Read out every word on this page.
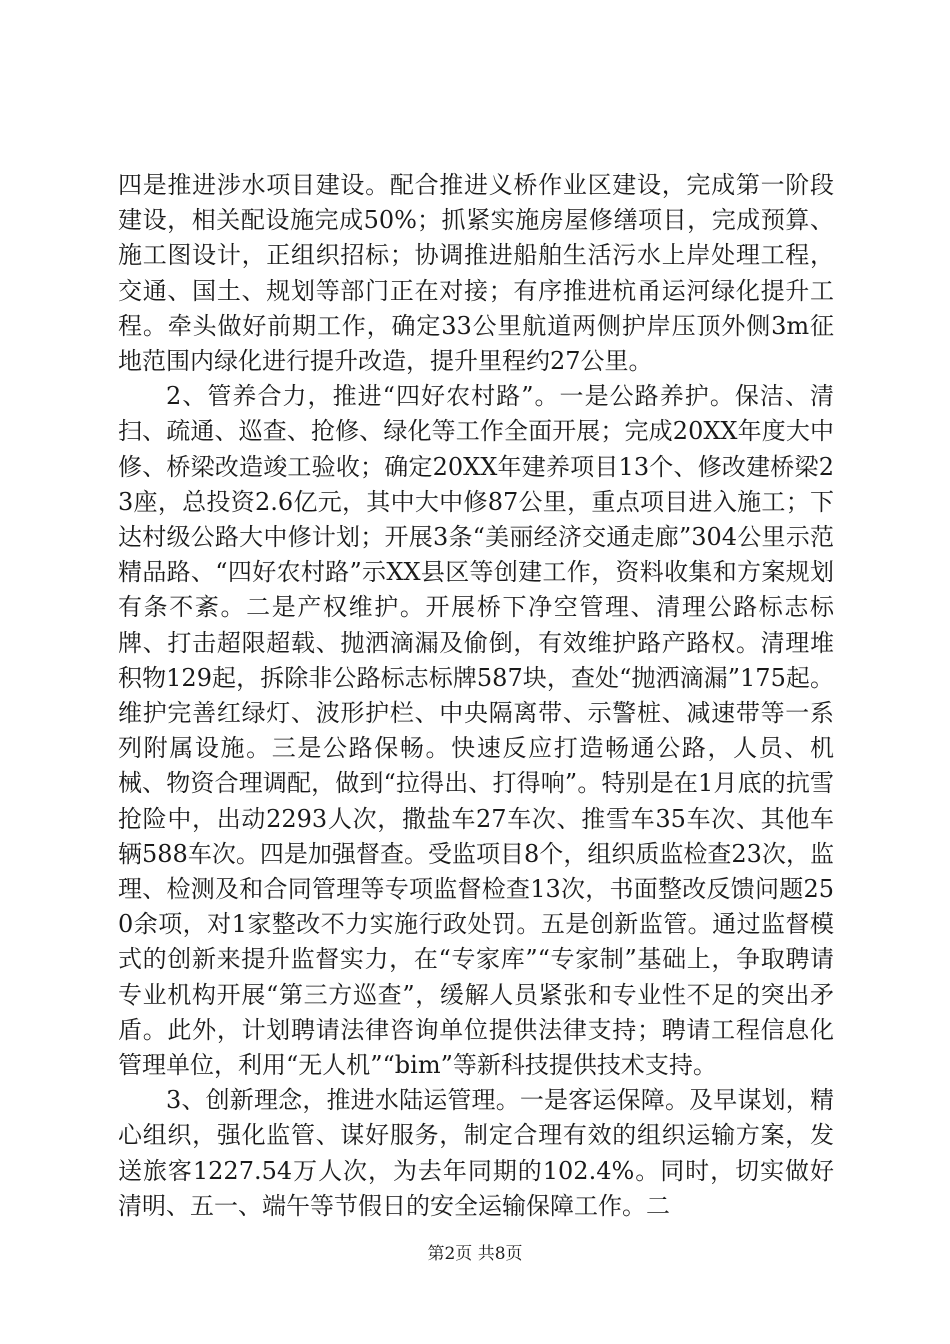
四是推进涉水项目建设。配合推进义桥作业区建设，完成第一阶段建设，相关配设施完成50%；抓紧实施房屋修缮项目，完成预算、施工图设计，正组织招标；协调推进船舶生活污水上岸处理工程，交通、国土、规划等部门正在对接；有序推进杭甬运河绿化提升工程。牵头做好前期工作，确定33公里航道两侧护岸压顶外侧3m征地范围内绿化进行提升改造，提升里程约27公里。

2、管养合力，推进“四好农村路”。一是公路养护。保洁、清扫、疏通、巡查、抢修、绿化等工作全面开展；完成20XX年度大中修、桥梁改造竣工验收；确定20XX年建养项目13个、修改建桥梁23座，总投资2.6亿元，其中大中修87公里，重点项目进入施工；下达村级公路大中修计划；开展3条“美丽经济交通走廊”304公里示范精品路、“四好农村路”示XX县区等创建工作，资料收集和方案规划有条不紊。二是产权维护。开展桥下净空管理、清理公路标志标牌、打击超限超载、抛洒滴漏及偷倒，有效维护路产路权。清理堆积物129起，拆除非公路标志标牌587块，查处“抛洒滴漏”175起。维护完善红绿灯、波形护栏、中央隔离带、示警桩、减速带等一系列附属设施。三是公路保畅。快速反应打造畅通公路，人员、机械、物资合理调配，做到“拉得出、打得响”。特别是在1月底的抗雪抢险中，出动2293人次，撒盐车27车次、推雪车35车次、其他车辆588车次。四是加强督查。受监项目8个，组织质监检查23次，监理、检测及和合同管理等专项监督检查13次，书面整改反馈问题250余项，对1家整改不力实施行政处罚。五是创新监管。通过监督模式的创新来提升监督实力，在“专家库”“专家制”基础上，争取聘请专业机构开展“第三方巡查”，缓解人员紧张和专业性不足的突出矛盾。此外，计划聘请法律咨询单位提供法律支持；聘请工程信息化管理单位，利用“无人机”“bim”等新科技提供技术支持。

3、创新理念，推进水陆运管理。一是客运保障。及早谋划，精心组织，强化监管、谋好服务，制定合理有效的组织运输方案，发送旅客1227.54万人次，为去年同期的102.4%。同时，切实做好清明、五一、端午等节假日的安全运输保障工作。二

第2页 共8页
